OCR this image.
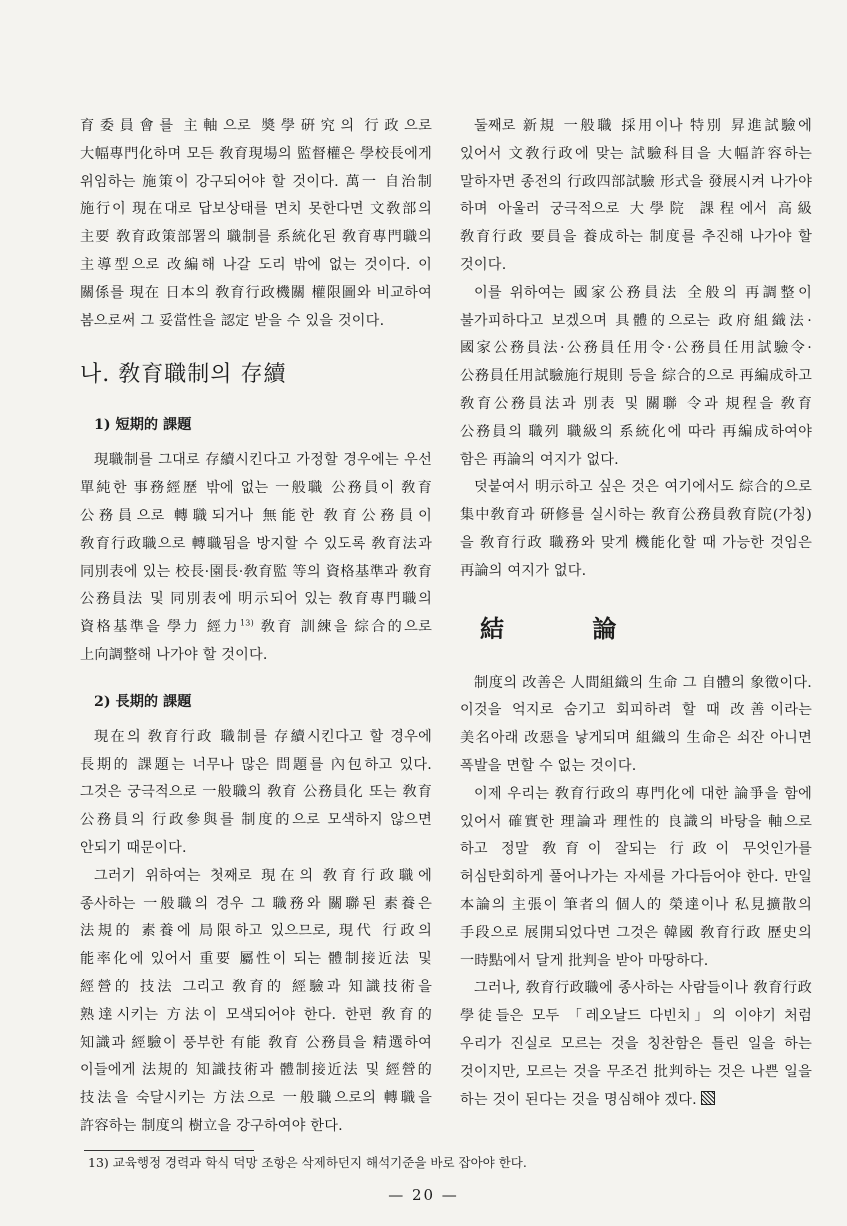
育委員會를 主軸으로 奬學硏究의 行政으로 大幅專門化하며 모든 敎育現場의 監督權은 學校長에게 위임하는 施策이 강구되어야 할 것이다. 萬一 自治制 施行이 現在대로 답보상태를 면치 못한다면 文敎部의 主要 敎育政策部署의 職制를 系統化된 敎育專門職의 主導型으로 改編해 나갈 도리 밖에 없는 것이다. 이 關係를 現在 日本의 敎育行政機關 權限圖와 비교하여 봄으로써 그 妥當性을 認定 받을 수 있을 것이다.

나. 敎育職制의 存續
1) 短期的 課題

現職制를 그대로 存續시킨다고 가정할 경우에는 우선 單純한 事務經歷 밖에 없는 一般職 公務員이 敎育 公務員으로 轉職되거나 無能한 敎育公務員이 敎育行政職으로 轉職됨을 방지할 수 있도록 敎育法과 同別表에 있는 校長·園長·敎育監 等의 資格基準과 敎育 公務員法 및 同別表에 明示되어 있는 敎育專門職의 資格基準을 學力 經力$^{13)}$ 敎育 訓練을 綜合的으로 上向調整해 나가야 할 것이다.

2) 長期的 課題

現在의 敎育行政 職制를 存續시킨다고 할 경우에 長期的 課題는 너무나 많은 問題를 內包하고 있다. 그것은 궁극적으로 一般職의 敎育 公務員化 또는 敎育 公務員의 行政參與를 制度的으로 모색하지 않으면 안되기 때문이다.

그러기 위하여는 첫째로 現在의 敎育行政職에 종사하는 一般職의 경우 그 職務와 關聯된 素養은 法規的 素養에 局限하고 있으므로, 現代 行政의 能率化에 있어서 重要 屬性이 되는 體制接近法 및 經營的 技法 그리고 敎育的 經驗과 知識技術을 熟達시키는 方法이 모색되어야 한다. 한편 敎育的 知識과 經驗이 풍부한 有能 敎育 公務員을 精選하여 이들에게 法規的 知識技術과 體制接近法 및 經營的 技法을 숙달시키는 方法으로 一般職으로의 轉職을 許容하는 制度의 樹立을 강구하여야 한다.

둘째로 新規 一般職 採用이나 特別 昇進試驗에 있어서 文敎行政에 맞는 試驗科目을 大幅許容하는 말하자면 종전의 行政四部試驗 形式을 發展시켜 나가야 하며 아울러 궁극적으로 大學院 課程에서 高級 敎育行政 要員을 養成하는 制度를 추진해 나가야 할 것이다.

이를 위하여는 國家公務員法 全般의 再調整이 불가피하다고 보겠으며 具體的으로는 政府組織法·國家公務員法·公務員任用令·公務員任用試驗令·公務員任用試驗施行規則 등을 綜合的으로 再編成하고 敎育公務員法과 別表 및 關聯 令과 規程을 敎育 公務員의 職列 職級의 系統化에 따라 再編成하여야 함은 再論의 여지가 없다.

덧붙여서 明示하고 싶은 것은 여기에서도 綜合的으로 集中敎育과 硏修를 실시하는 敎育公務員敎育院(가칭)을 敎育行政 職務와 맞게 機能化할 때 가능한 것임은 再論의 여지가 없다.

結 論

制度의 改善은 人間組織의 生命 그 自體의 象徵이다. 이것을 억지로 숨기고 회피하려 할 때 改善이라는 美名아래 改惡을 낳게되며 組織의 生命은 쇠잔 아니면 폭발을 면할 수 없는 것이다.

이제 우리는 敎育行政의 專門化에 대한 論爭을 함에 있어서 確實한 理論과 理性的 良識의 바탕을 軸으로 하고 정말 敎育이 잘되는 行政이 무엇인가를 허심탄회하게 풀어나가는 자세를 가다듬어야 한다. 만일 本論의 主張이 筆者의 個人的 榮達이나 私見擴散의 手段으로 展開되었다면 그것은 韓國 敎育行政 歷史의 一時點에서 달게 批判을 받아 마땅하다.

그러나, 敎育行政職에 종사하는 사람들이나 敎育行政 學徒들은 모두 「레오날드 다빈치」의 이야기 처럼 우리가 진실로 모르는 것을 칭찬함은 틀린 일을 하는 것이지만, 모르는 것을 무조건 批判하는 것은 나쁜 일을 하는 것이 된다는 것을 명심해야 겠다.

13) 교육행정 경력과 학식 덕망 조항은 삭제하던지 해석기준을 바로 잡아야 한다.
— 20 —
